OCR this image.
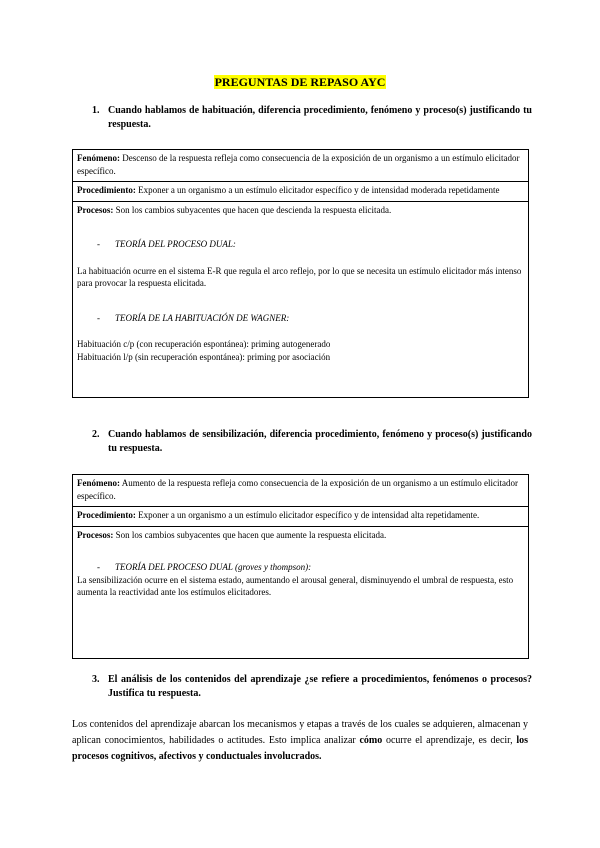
PREGUNTAS DE REPASO AYC
1. Cuando hablamos de habituación, diferencia procedimiento, fenómeno y proceso(s) justificando tu respuesta.
Fenómeno: Descenso de la respuesta refleja como consecuencia de la exposición de un organismo a un estímulo elicitador específico.
Procedimiento: Exponer a un organismo a un estímulo elicitador específico y de intensidad moderada repetidamente
Procesos: Son los cambios subyacentes que hacen que descienda la respuesta elicitada.
- TEORÍA DEL PROCESO DUAL:
La habituación ocurre en el sistema E-R que regula el arco reflejo, por lo que se necesita un estímulo elicitador más intenso para provocar la respuesta elicitada.
- TEORÍA DE LA HABITUACIÓN DE WAGNER:
Habituación c/p (con recuperación espontánea): priming autogenerado
Habituación l/p (sin recuperación espontánea): priming por asociación
2. Cuando hablamos de sensibilización, diferencia procedimiento, fenómeno y proceso(s) justificando tu respuesta.
Fenómeno: Aumento de la respuesta refleja como consecuencia de la exposición de un organismo a un estímulo elicitador específico.
Procedimiento: Exponer a un organismo a un estímulo elicitador específico y de intensidad alta repetidamente.
Procesos: Son los cambios subyacentes que hacen que aumente la respuesta elicitada.
- TEORÍA DEL PROCESO DUAL (groves y thompson):
La sensibilización ocurre en el sistema estado, aumentando el arousal general, disminuyendo el umbral de respuesta, esto aumenta la reactividad ante los estímulos elicitadores.
3. El análisis de los contenidos del aprendizaje ¿se refiere a procedimientos, fenómenos o procesos? Justifica tu respuesta.
Los contenidos del aprendizaje abarcan los mecanismos y etapas a través de los cuales se adquieren, almacenan y aplican conocimientos, habilidades o actitudes. Esto implica analizar cómo ocurre el aprendizaje, es decir, los procesos cognitivos, afectivos y conductuales involucrados.
